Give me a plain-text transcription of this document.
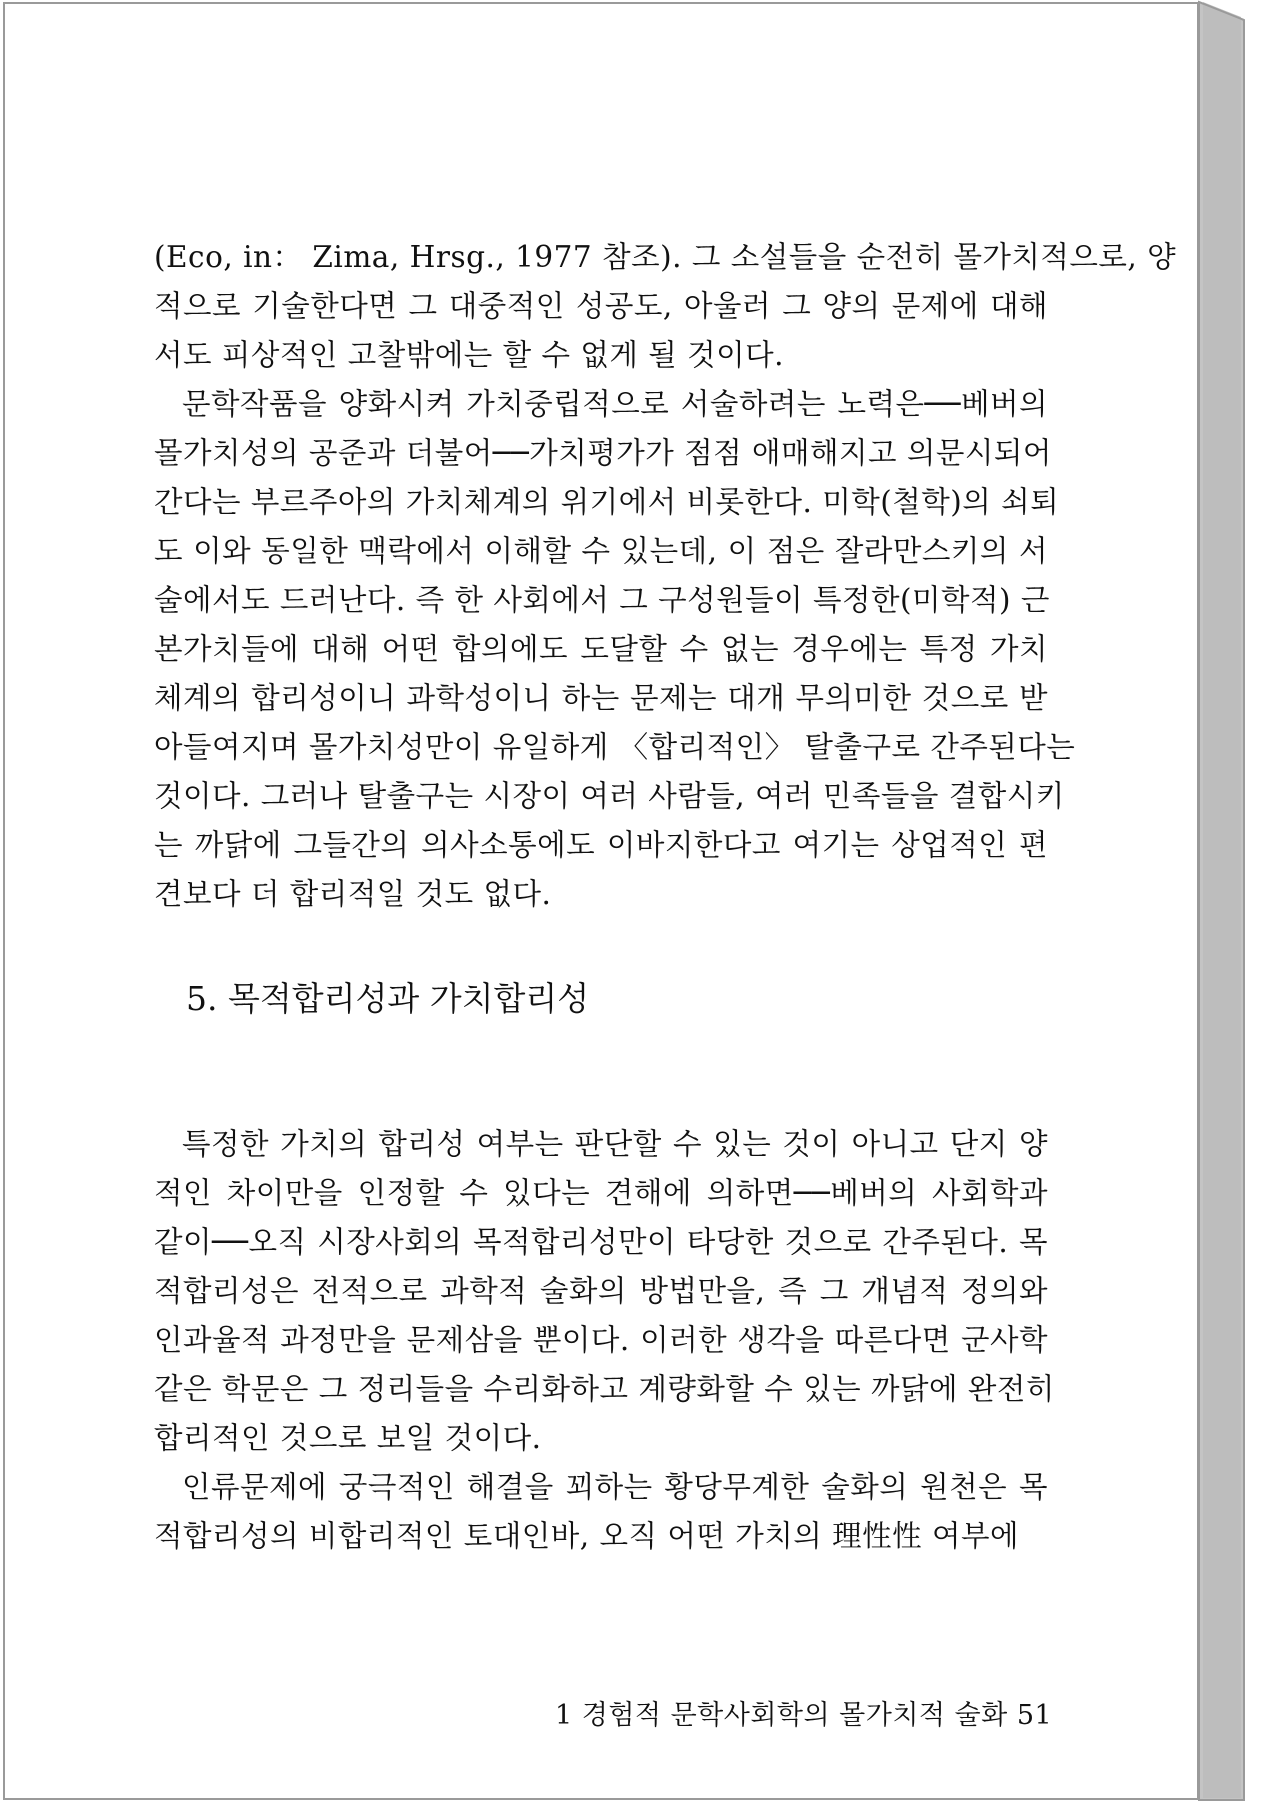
(Eco, in： Zima, Hrsg., 1977 참조). 그 소설들을 순전히 몰가치적으로, 양
적으로 기술한다면 그 대중적인 성공도, 아울러 그 양의 문제에 대해
서도 피상적인 고찰밖에는 할 수 없게 될 것이다.
문학작품을 양화시켜 가치중립적으로 서술하려는 노력은──베버의
몰가치성의 공준과 더불어──가치평가가 점점 애매해지고 의문시되어
간다는 부르주아의 가치체계의 위기에서 비롯한다. 미학(철학)의 쇠퇴
도 이와 동일한 맥락에서 이해할 수 있는데, 이 점은 잘라만스키의 서
술에서도 드러난다. 즉 한 사회에서 그 구성원들이 특정한(미학적) 근
본가치들에 대해 어떤 합의에도 도달할 수 없는 경우에는 특정 가치
체계의 합리성이니 과학성이니 하는 문제는 대개 무의미한 것으로 받
아들여지며 몰가치성만이 유일하게 〈합리적인〉 탈출구로 간주된다는
것이다. 그러나 탈출구는 시장이 여러 사람들, 여러 민족들을 결합시키
는 까닭에 그들간의 의사소통에도 이바지한다고 여기는 상업적인 편
견보다 더 합리적일 것도 없다.
5. 목적합리성과 가치합리성
특정한 가치의 합리성 여부는 판단할 수 있는 것이 아니고 단지 양
적인 차이만을 인정할 수 있다는 견해에 의하면──베버의 사회학과
같이──오직 시장사회의 목적합리성만이 타당한 것으로 간주된다. 목
적합리성은 전적으로 과학적 술화의 방법만을, 즉 그 개념적 정의와
인과율적 과정만을 문제삼을 뿐이다. 이러한 생각을 따른다면 군사학
같은 학문은 그 정리들을 수리화하고 계량화할 수 있는 까닭에 완전히
합리적인 것으로 보일 것이다.
인류문제에 궁극적인 해결을 꾀하는 황당무계한 술화의 원천은 목
적합리성의 비합리적인 토대인바, 오직 어떤 가치의 理性性 여부에
1 경험적 문학사회학의 몰가치적 술화 51
